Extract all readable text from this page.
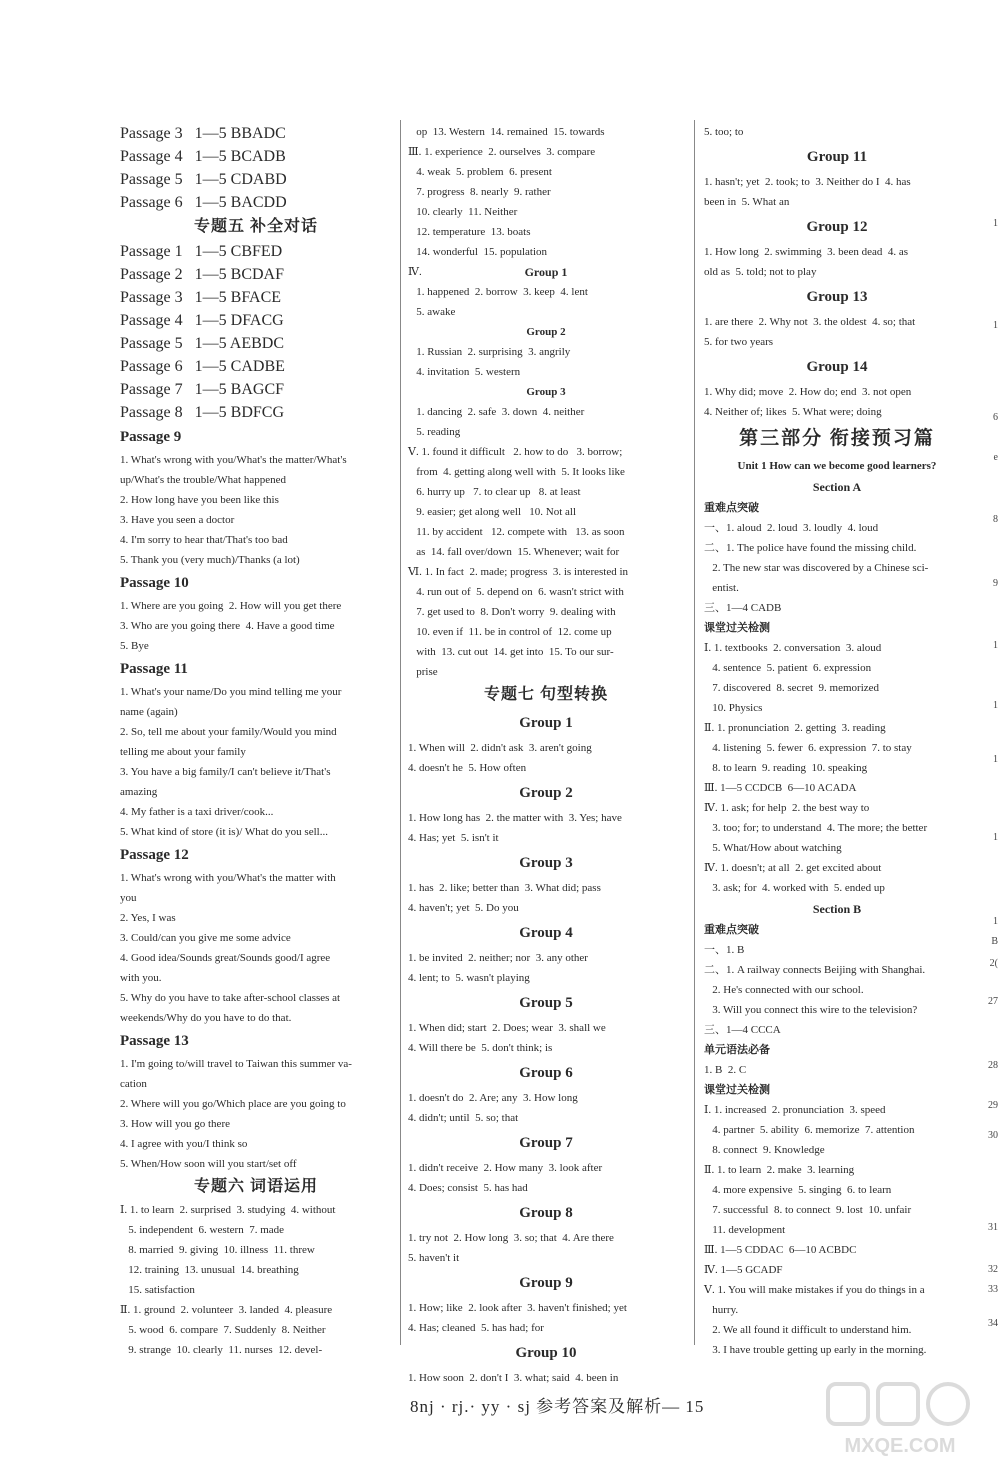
Passage 3   1—5 BBADC
Passage 4   1—5 BCADB
Passage 5   1—5 CDABD
Passage 6   1—5 BACDD
专题五 补全对话
Passage 1   1—5 CBFED
Passage 2   1—5 BCDAF
Passage 3   1—5 BFACE
Passage 4   1—5 DFACG
Passage 5   1—5 AEBDC
Passage 6   1—5 CADBE
Passage 7   1—5 BAGCF
Passage 8   1—5 BDFCG
Passage 9
1. What's wrong with you/What's the matter/What's
up/What's the trouble/What happened
2. How long have you been like this
3. Have you seen a doctor
4. I'm sorry to hear that/That's too bad
5. Thank you (very much)/Thanks (a lot)
Passage 10
1. Where are you going  2. How will you get there
3. Who are you going there  4. Have a good time
5. Bye
Passage 11
1. What's your name/Do you mind telling me your
name (again)
2. So, tell me about your family/Would you mind
telling me about your family
3. You have a big family/I can't believe it/That's
amazing
4. My father is a taxi driver/cook...
5. What kind of store (it is)/ What do you sell...
Passage 12
1. What's wrong with you/What's the matter with
you
2. Yes, I was
3. Could/can you give me some advice
4. Good idea/Sounds great/Sounds good/I agree
with you.
5. Why do you have to take after-school classes at
weekends/Why do you have to do that.
Passage 13
1. I'm going to/will travel to Taiwan this summer va-
cation
2. Where will you go/Which place are you going to
3. How will you go there
4. I agree with you/I think so
5. When/How soon will you start/set off
专题六 词语运用
Ⅰ. 1. to learn  2. surprised  3. studying  4. without
5. independent  6. western  7. made
8. married  9. giving  10. illness  11. threw
12. training  13. unusual  14. breathing
15. satisfaction
Ⅱ. 1. ground  2. volunteer  3. landed  4. pleasure
5. wood  6. compare  7. Suddenly  8. Neither
9. strange  10. clearly  11. nurses  12. devel-
op  13. Western  14. remained  15. towards
Ⅲ. 1. experience  2. ourselves  3. compare
4. weak  5. problem  6. present
7. progress  8. nearly  9. rather
10. clearly  11. Neither
12. temperature  13. boats
14. wonderful  15. population
Ⅳ.	Group 1
1. happened  2. borrow  3. keep  4. lent
5. awake
Group 2
1. Russian  2. surprising  3. angrily
4. invitation  5. western
Group 3
1. dancing  2. safe  3. down  4. neither
5. reading
Ⅴ. 1. found it difficult   2. how to do   3. borrow;
from  4. getting along well with  5. It looks like
6. hurry up   7. to clear up   8. at least
9. easier; get along well   10. Not all
11. by accident   12. compete with   13. as soon
as  14. fall over/down  15. Whenever; wait for
Ⅵ. 1. In fact  2. made; progress  3. is interested in
4. run out of  5. depend on  6. wasn't strict with
7. get used to  8. Don't worry  9. dealing with
10. even if  11. be in control of  12. come up
with  13. cut out  14. get into  15. To our sur-
prise
专题七 句型转换
Group 1
1. When will  2. didn't ask  3. aren't going
4. doesn't he  5. How often
Group 2
1. How long has  2. the matter with  3. Yes; have
4. Has; yet  5. isn't it
Group 3
1. has  2. like; better than  3. What did; pass
4. haven't; yet  5. Do you
Group 4
1. be invited  2. neither; nor  3. any other
4. lent; to  5. wasn't playing
Group 5
1. When did; start  2. Does; wear  3. shall we
4. Will there be  5. don't think; is
Group 6
1. doesn't do  2. Are; any  3. How long
4. didn't; until  5. so; that
Group 7
1. didn't receive  2. How many  3. look after
4. Does; consist  5. has had
Group 8
1. try not  2. How long  3. so; that  4. Are there
5. haven't it
Group 9
1. How; like  2. look after  3. haven't finished; yet
4. Has; cleaned  5. has had; for
Group 10
1. How soon  2. don't I  3. what; said  4. been in
5. too; to
Group 11
1. hasn't; yet  2. took; to  3. Neither do I  4. has
been in  5. What an
Group 12
1. How long  2. swimming  3. been dead  4. as
old as  5. told; not to play
Group 13
1. are there  2. Why not  3. the oldest  4. so; that
5. for two years
Group 14
1. Why did; move  2. How do; end  3. not open
4. Neither of; likes  5. What were; doing
第三部分 衔接预习篇
Unit 1 How can we become good learners?
Section A
重难点突破
一、1. aloud  2. loud  3. loudly  4. loud
二、1. The police have found the missing child.
2. The new star was discovered by a Chinese sci-
entist.
三、1—4 CADB
课堂过关检测
Ⅰ. 1. textbooks  2. conversation  3. aloud
4. sentence  5. patient  6. expression
7. discovered  8. secret  9. memorized
10. Physics
Ⅱ. 1. pronunciation  2. getting  3. reading
4. listening  5. fewer  6. expression  7. to stay
8. to learn  9. reading  10. speaking
Ⅲ. 1—5 CCDCB  6—10 ACADA
Ⅳ. 1. ask; for help  2. the best way to
3. too; for; to understand  4. The more; the better
5. What/How about watching
Ⅳ. 1. doesn't; at all  2. get excited about
3. ask; for  4. worked with  5. ended up
Section B
重难点突破
一、1. B
二、1. A railway connects Beijing with Shanghai.
2. He's connected with our school.
3. Will you connect this wire to the television?
三、1—4 CCCA
单元语法必备
1. B  2. C
课堂过关检测
Ⅰ. 1. increased  2. pronunciation  3. speed
4. partner  5. ability  6. memorize  7. attention
8. connect  9. Knowledge
Ⅱ. 1. to learn  2. make  3. learning
4. more expensive  5. singing  6. to learn
7. successful  8. to connect  9. lost  10. unfair
11. development
Ⅲ. 1—5 CDDAC  6—10 ACBDC
Ⅳ. 1—5 GCADF
Ⅴ. 1. You will make mistakes if you do things in a
hurry.
2. We all found it difficult to understand him.
3. I have trouble getting up early in the morning.
1
1
6
e
8
9
1
1
1
1
1
B
2(
27
28
29
30
31
32
33
34
8nj · rj.· yy · sj 参考答案及解析— 15
MXQE.COM
